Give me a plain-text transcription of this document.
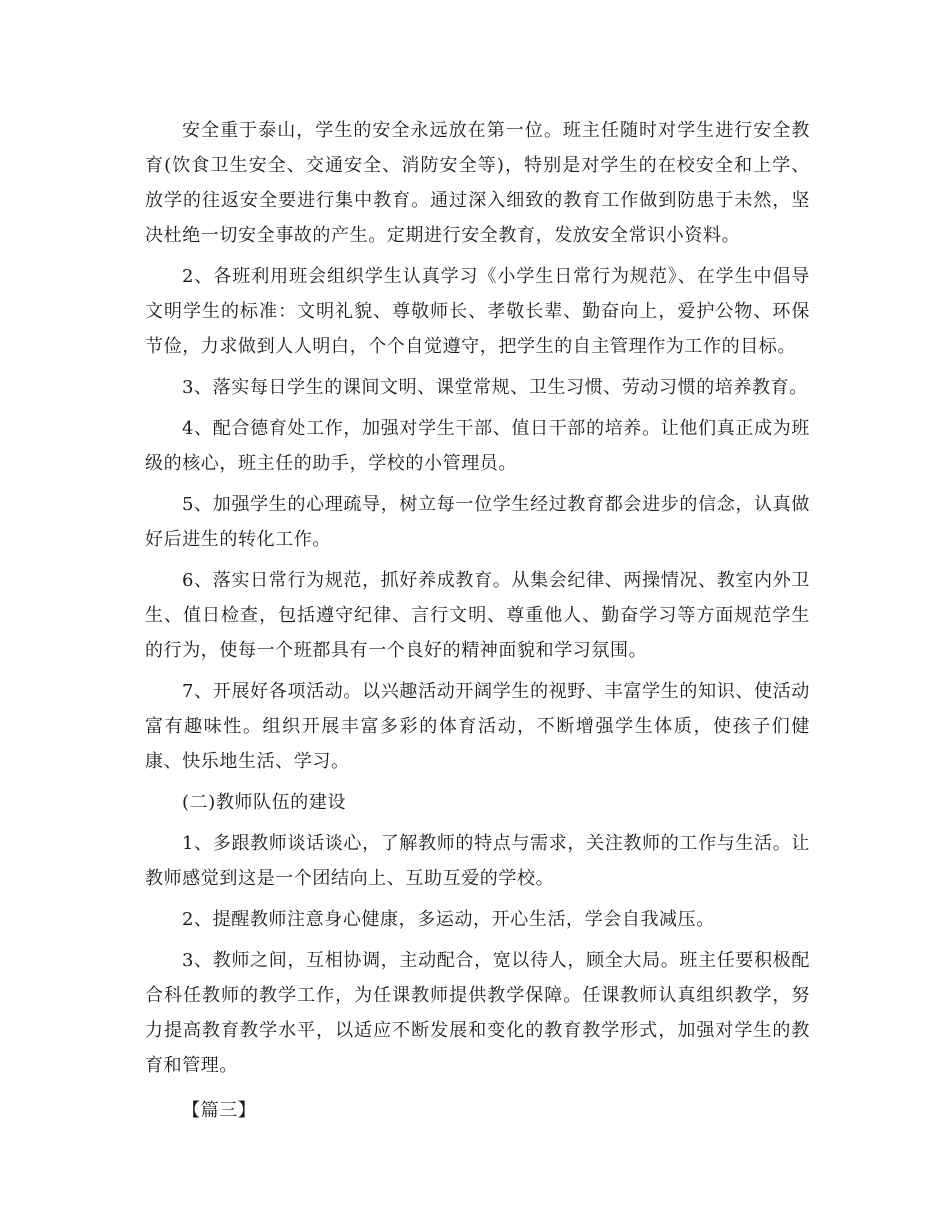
安全重于泰山，学生的安全永远放在第一位。班主任随时对学生进行安全教育(饮食卫生安全、交通安全、消防安全等)，特别是对学生的在校安全和上学、放学的往返安全要进行集中教育。通过深入细致的教育工作做到防患于未然，坚决杜绝一切安全事故的产生。定期进行安全教育，发放安全常识小资料。

2、各班利用班会组织学生认真学习《小学生日常行为规范》、在学生中倡导文明学生的标准：文明礼貌、尊敬师长、孝敬长辈、勤奋向上，爱护公物、环保节俭，力求做到人人明白，个个自觉遵守，把学生的自主管理作为工作的目标。

3、落实每日学生的课间文明、课堂常规、卫生习惯、劳动习惯的培养教育。

4、配合德育处工作，加强对学生干部、值日干部的培养。让他们真正成为班级的核心，班主任的助手，学校的小管理员。

5、加强学生的心理疏导，树立每一位学生经过教育都会进步的信念，认真做好后进生的转化工作。

6、落实日常行为规范，抓好养成教育。从集会纪律、两操情况、教室内外卫生、值日检查，包括遵守纪律、言行文明、尊重他人、勤奋学习等方面规范学生的行为，使每一个班都具有一个良好的精神面貌和学习氛围。

7、开展好各项活动。以兴趣活动开阔学生的视野、丰富学生的知识、使活动富有趣味性。组织开展丰富多彩的体育活动，不断增强学生体质，使孩子们健康、快乐地生活、学习。

(二)教师队伍的建设

1、多跟教师谈话谈心，了解教师的特点与需求，关注教师的工作与生活。让教师感觉到这是一个团结向上、互助互爱的学校。

2、提醒教师注意身心健康，多运动，开心生活，学会自我减压。

3、教师之间，互相协调，主动配合，宽以待人，顾全大局。班主任要积极配合科任教师的教学工作，为任课教师提供教学保障。任课教师认真组织教学，努力提高教育教学水平，以适应不断发展和变化的教育教学形式，加强对学生的教育和管理。

【篇三】
